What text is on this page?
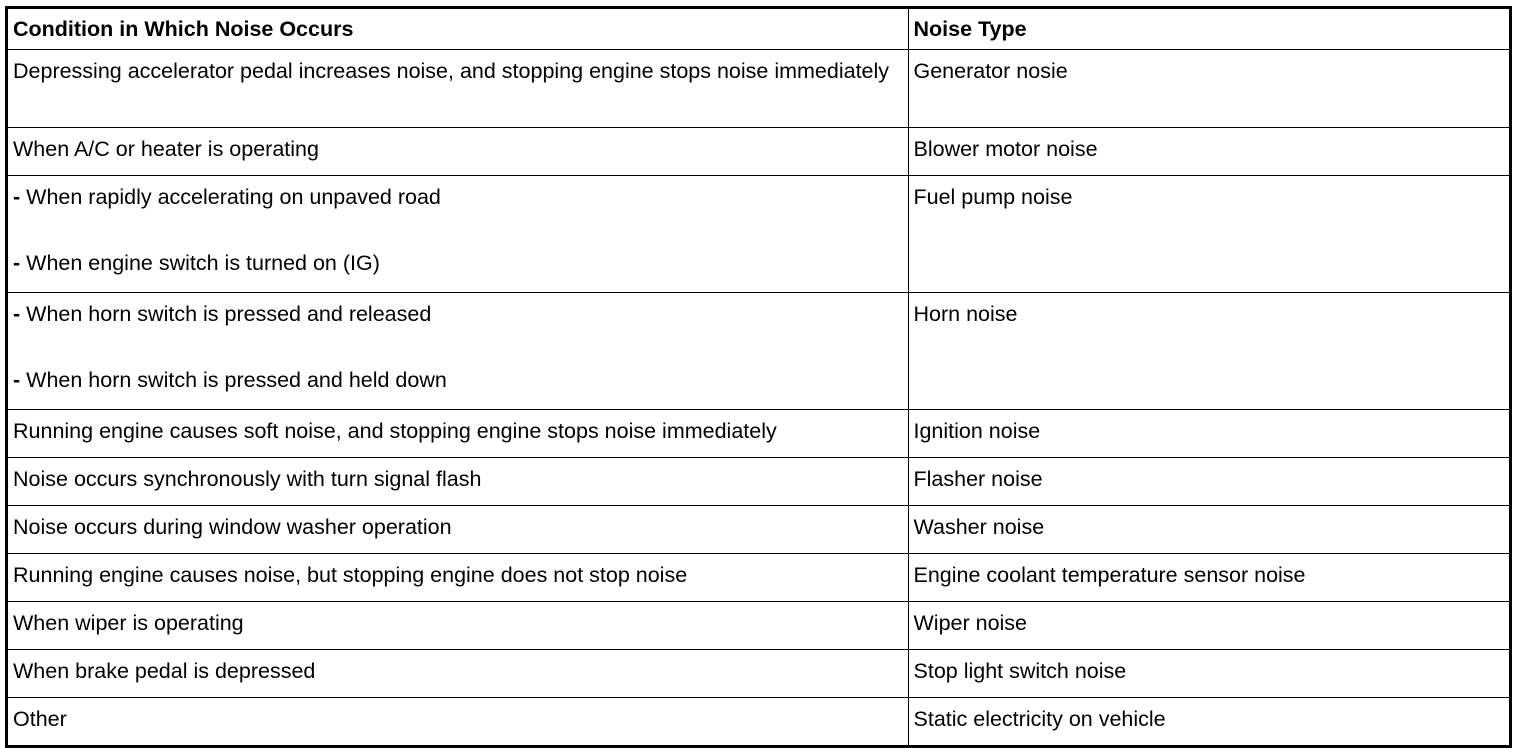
Condition in Which Noise Occurs	Noise Type
Depressing accelerator pedal increases noise, and stopping engine stops noise immediately	Generator nosie
When A/C or heater is operating	Blower motor noise

- When rapidly accelerating on unpaved road
- When engine switch is turned on (IG)	Fuel pump noise

- When horn switch is pressed and released
- When horn switch is pressed and held down	Horn noise
Running engine causes soft noise, and stopping engine stops noise immediately	Ignition noise
Noise occurs synchronously with turn signal flash	Flasher noise
Noise occurs during window washer operation	Washer noise
Running engine causes noise, but stopping engine does not stop noise	Engine coolant temperature sensor noise
When wiper is operating	Wiper noise
When brake pedal is depressed	Stop light switch noise
Other	Static electricity on vehicle
